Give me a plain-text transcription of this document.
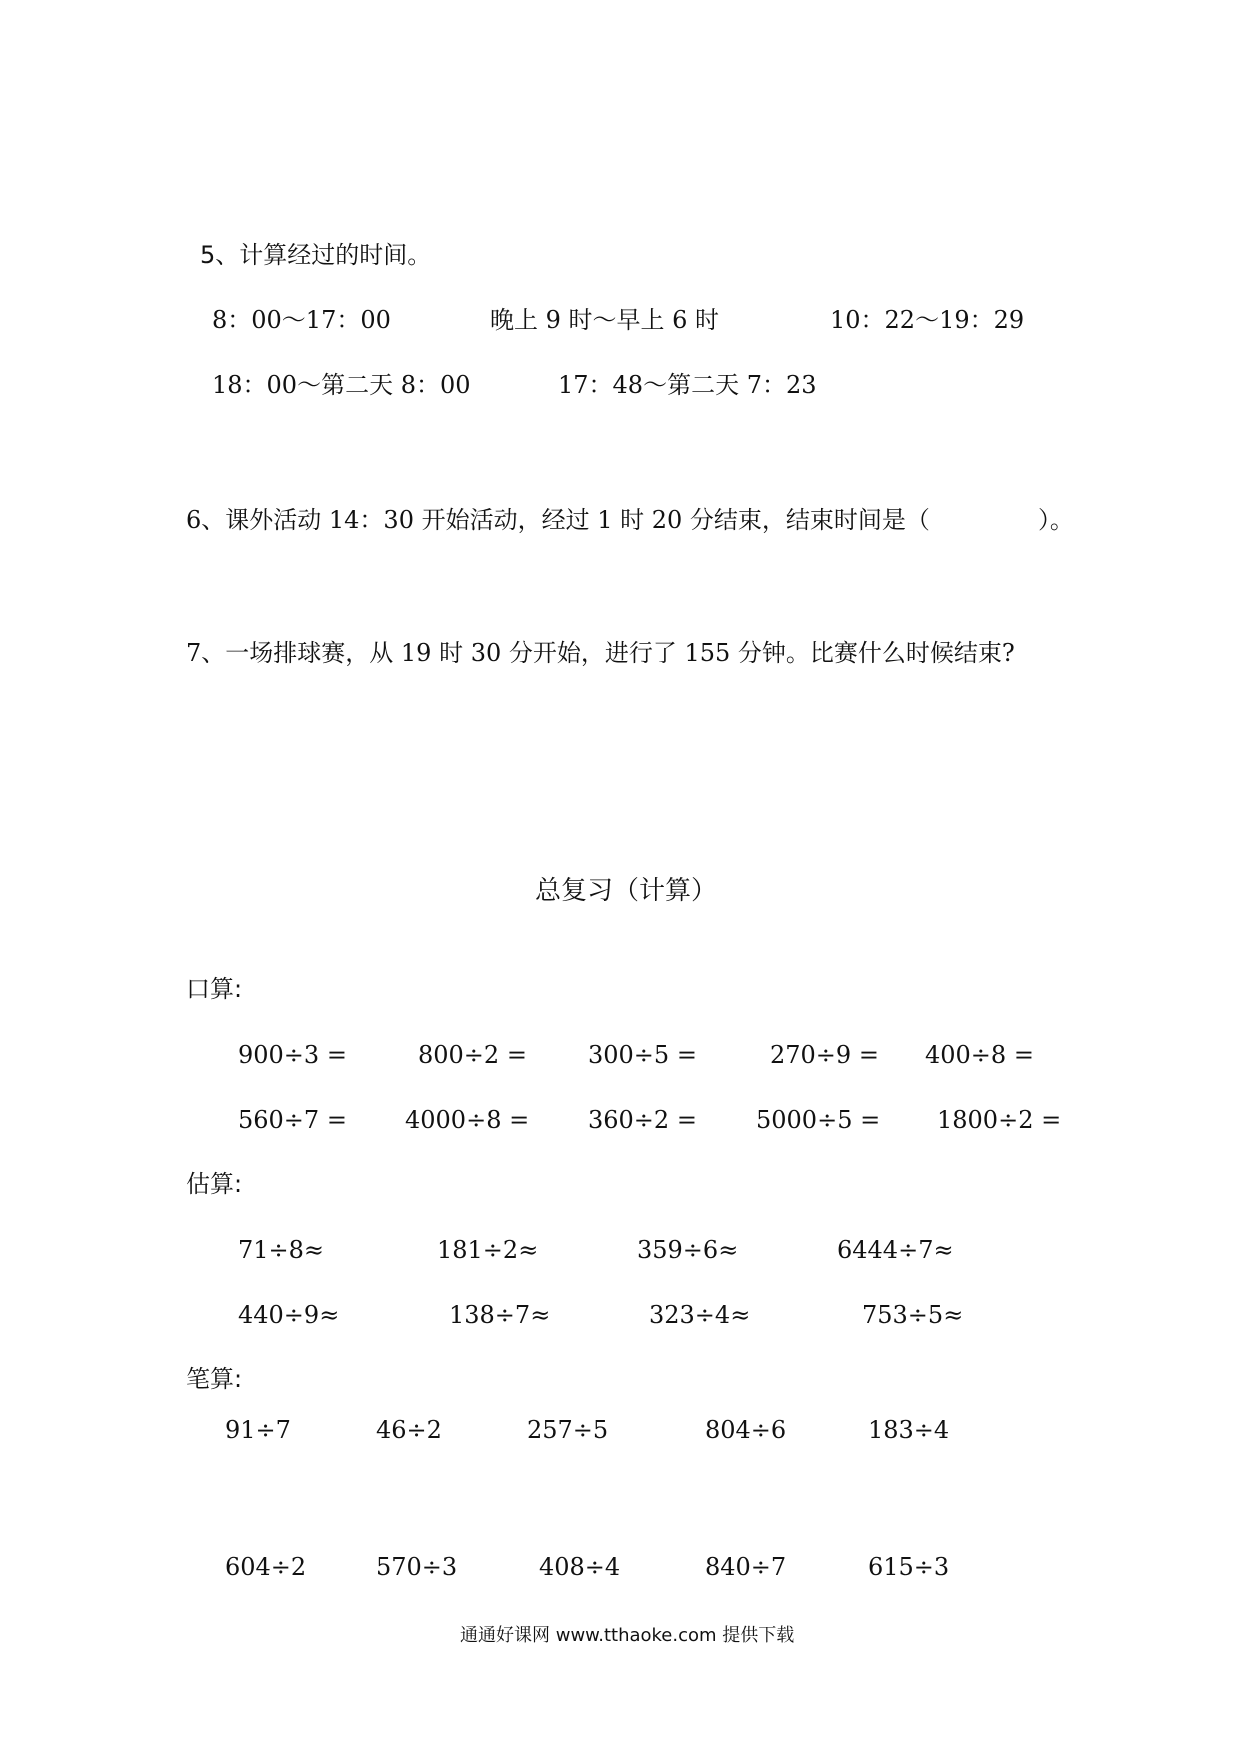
5、计算经过的时间。
8：00～17：00	晚上 9 时～早上 6 时	10：22～19：29
18：00～第二天 8：00	17：48～第二天 7：23
6、课外活动 14：30 开始活动，经过 1 时 20 分结束，结束时间是（	）。
7、一场排球赛，从 19 时 30 分开始，进行了 155 分钟。比赛什么时候结束?
总复习（计算）
口算:
900÷3 =	800÷2 =	300÷5 =	270÷9 = 400÷8 =
560÷7 = 4000÷8 = 360÷2 = 5000÷5 = 1800÷2 =
估算:
71÷8≈	181÷2≈	359÷6≈	6444÷7≈
440÷9≈	138÷7≈	323÷4≈	753÷5≈
笔算:
91÷7	46÷2	257÷5	804÷6	183÷4
604÷2	570÷3	408÷4	840÷7	615÷3
通通好课网 www.tthaoke.com 提供下载
